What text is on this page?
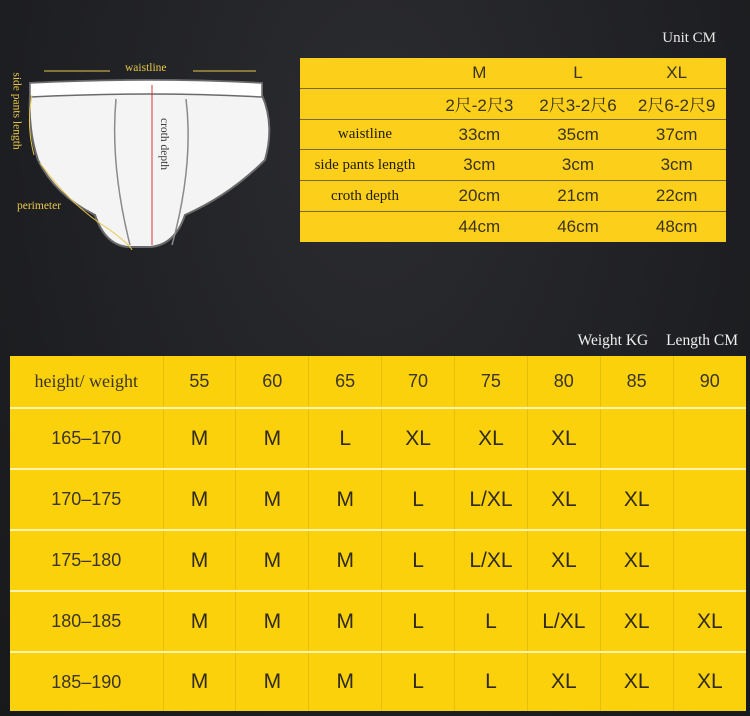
Unit CM
waistline
side pants length	croth depth
perimeter
	M	L	XL
	2尺-2尺3	2尺3-2尺6	2尺6-2尺9
waistline	33cm	35cm	37cm
side pants length	3cm	3cm	3cm
croth depth	20cm	21cm	22cm
	44cm	46cm	48cm
Weight KG Length CM
height/ weight	55	60	65	70	75	80	85	90
165–170	M	M	L	XL	XL	XL		
170–175	M	M	M	L	L/XL	XL	XL	
175–180	M	M	M	L	L/XL	XL	XL	
180–185	M	M	M	L	L	L/XL	XL	XL
185–190	M	M	M	L	L	XL	XL	XL
